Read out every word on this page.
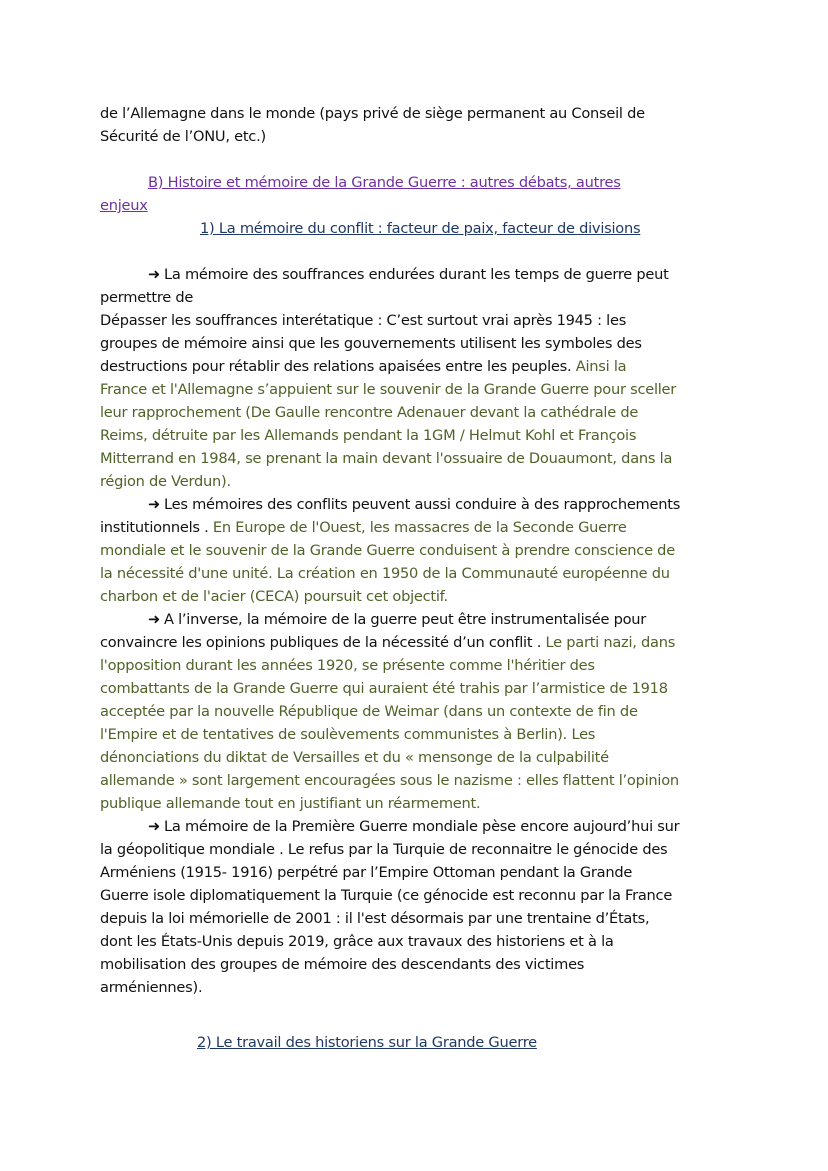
de l’Allemagne dans le monde (pays privé de siège permanent au Conseil de
Sécurité de l’ONU, etc.)
B) Histoire et mémoire de la Grande Guerre : autres débats, autres
enjeux
1) La mémoire du conflit : facteur de paix, facteur de divisions
➜ La mémoire des souffrances endurées durant les temps de guerre peut
permettre de
Dépasser les souffrances interétatique : C’est surtout vrai après 1945 : les
groupes de mémoire ainsi que les gouvernements utilisent les symboles des
destructions pour rétablir des relations apaisées entre les peuples. Ainsi la
France et l'Allemagne s’appuient sur le souvenir de la Grande Guerre pour sceller
leur rapprochement (De Gaulle rencontre Adenauer devant la cathédrale de
Reims, détruite par les Allemands pendant la 1GM / Helmut Kohl et François
Mitterrand en 1984, se prenant la main devant l'ossuaire de Douaumont, dans la
région de Verdun).
➜ Les mémoires des conflits peuvent aussi conduire à des rapprochements
institutionnels . En Europe de l'Ouest, les massacres de la Seconde Guerre
mondiale et le souvenir de la Grande Guerre conduisent à prendre conscience de
la nécessité d'une unité. La création en 1950 de la Communauté européenne du
charbon et de l'acier (CECA) poursuit cet objectif.
➜ A l’inverse, la mémoire de la guerre peut être instrumentalisée pour
convaincre les opinions publiques de la nécessité d’un conflit . Le parti nazi, dans
l'opposition durant les années 1920, se présente comme l'héritier des
combattants de la Grande Guerre qui auraient été trahis par l’armistice de 1918
acceptée par la nouvelle République de Weimar (dans un contexte de fin de
l'Empire et de tentatives de soulèvements communistes à Berlin). Les
dénonciations du diktat de Versailles et du « mensonge de la culpabilité
allemande » sont largement encouragées sous le nazisme : elles flattent l’opinion
publique allemande tout en justifiant un réarmement.
➜ La mémoire de la Première Guerre mondiale pèse encore aujourd’hui sur
la géopolitique mondiale . Le refus par la Turquie de reconnaitre le génocide des
Arméniens (1915- 1916) perpétré par l’Empire Ottoman pendant la Grande
Guerre isole diplomatiquement la Turquie (ce génocide est reconnu par la France
depuis la loi mémorielle de 2001 : il l'est désormais par une trentaine d’États,
dont les États-Unis depuis 2019, grâce aux travaux des historiens et à la
mobilisation des groupes de mémoire des descendants des victimes
arméniennes).
2) Le travail des historiens sur la Grande Guerre
